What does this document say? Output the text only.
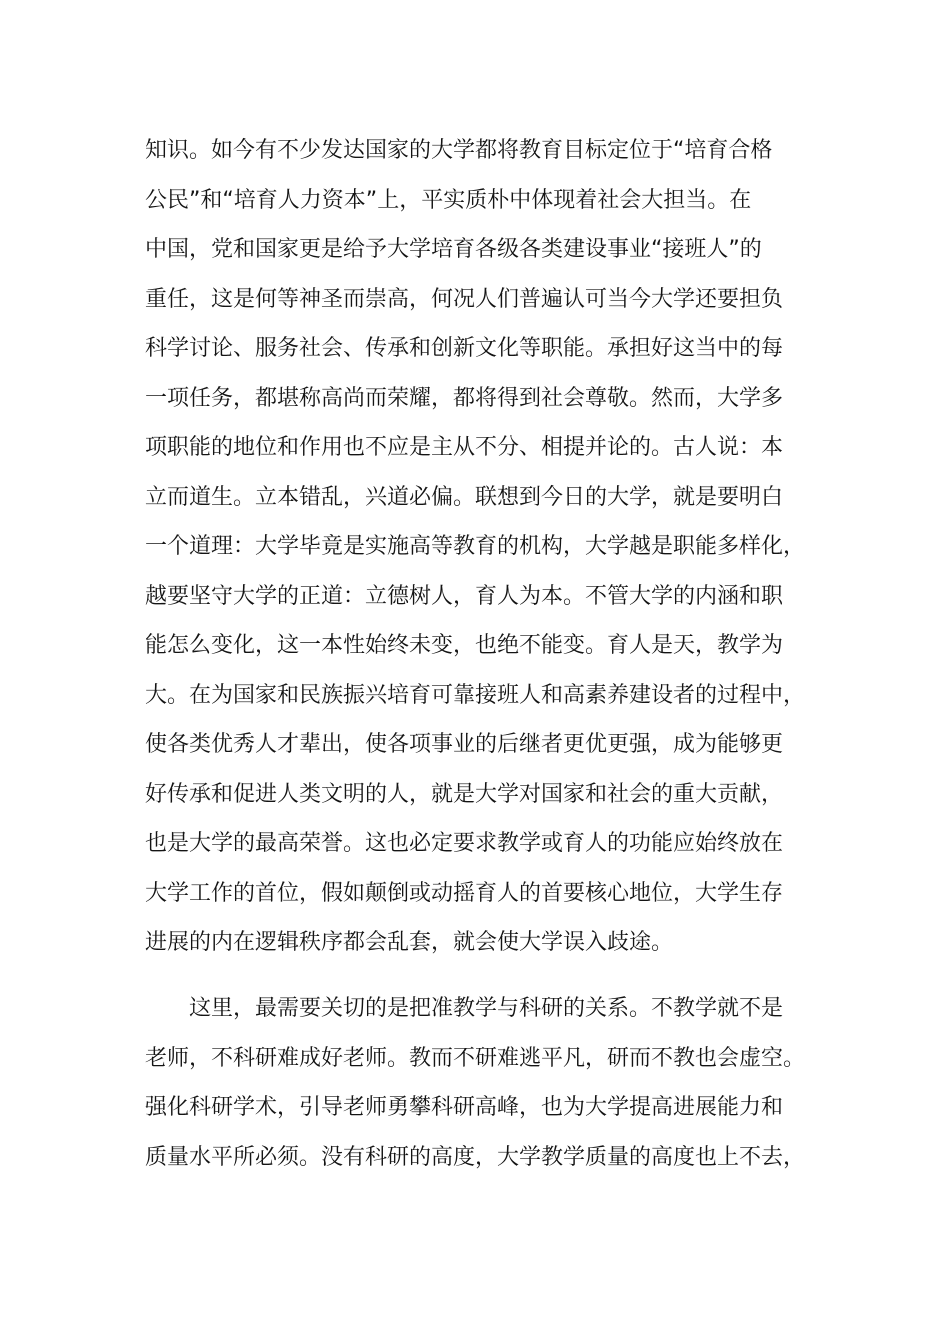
知识。如今有不少发达国家的大学都将教育目标定位于“培育合格
公民”和“培育人力资本”上，平实质朴中体现着社会大担当。在
中国，党和国家更是给予大学培育各级各类建设事业“接班人”的
重任，这是何等神圣而崇高，何况人们普遍认可当今大学还要担负
科学讨论、服务社会、传承和创新文化等职能。承担好这当中的每
一项任务，都堪称高尚而荣耀，都将得到社会尊敬。然而，大学多
项职能的地位和作用也不应是主从不分、相提并论的。古人说：本
立而道生。立本错乱，兴道必偏。联想到今日的大学，就是要明白
一个道理：大学毕竟是实施高等教育的机构，大学越是职能多样化，
越要坚守大学的正道：立德树人，育人为本。不管大学的内涵和职
能怎么变化，这一本性始终未变，也绝不能变。育人是天，教学为
大。在为国家和民族振兴培育可靠接班人和高素养建设者的过程中，
使各类优秀人才辈出，使各项事业的后继者更优更强，成为能够更
好传承和促进人类文明的人，就是大学对国家和社会的重大贡献，
也是大学的最高荣誉。这也必定要求教学或育人的功能应始终放在
大学工作的首位，假如颠倒或动摇育人的首要核心地位，大学生存
进展的内在逻辑秩序都会乱套，就会使大学误入歧途。
这里，最需要关切的是把准教学与科研的关系。不教学就不是
老师，不科研难成好老师。教而不研难逃平凡，研而不教也会虚空。
强化科研学术，引导老师勇攀科研高峰，也为大学提高进展能力和
质量水平所必须。没有科研的高度，大学教学质量的高度也上不去，
